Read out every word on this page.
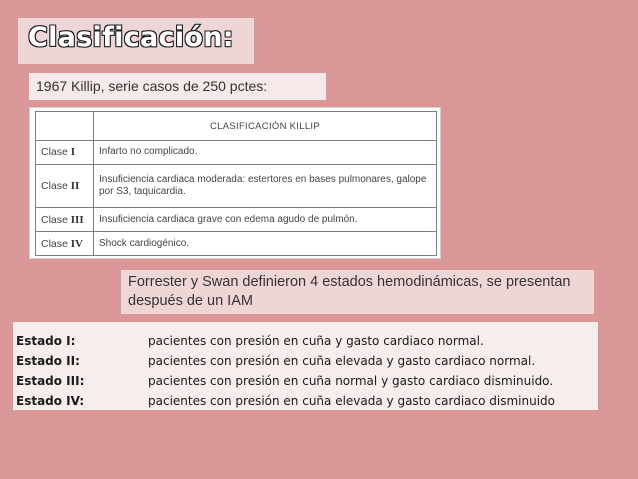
Clasificación:
1967 Killip, serie casos de 250 pctes:
	CLASIFICACIÓN KILLIP
Clase I	Infarto no complicado.
Clase II	Insuficiencia cardiaca moderada: estertores en bases pulmonares, galope por S3, taquicardia.
Clase III	Insuficiencia cardiaca grave con edema agudo de pulmón.
Clase IV	Shock cardiogénico.
Forrester y Swan definieron 4 estados hemodinámicas, se presentan después de un IAM
Estado I:	pacientes con presión en cuña y gasto cardiaco normal.
Estado II:	pacientes con presión en cuña elevada y gasto cardiaco normal.
Estado III:	pacientes con presión en cuña normal y gasto cardiaco disminuido.
Estado IV:	pacientes con presión en cuña elevada y gasto cardiaco disminuido
